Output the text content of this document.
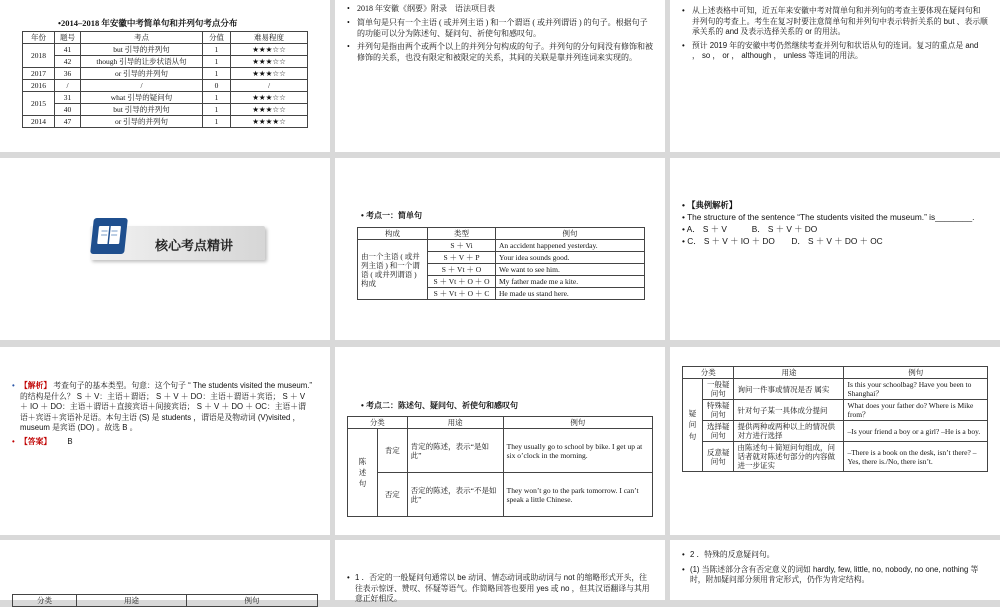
•2014–2018 年安徽中考简单句和并列句考点分布
年份	题号	考点	分值	难易程度
2018	41	but 引导的并列句	1	★★★☆☆
	42	though 引导的让步状语从句	1	★★★☆☆
2017	36	or 引导的并列句	1	★★★☆☆
2016	/	/	0	/
2015	31	what 引导的疑问句	1	★★★☆☆
	40	but 引导的并列句	1	★★★☆☆
2014	47	or 引导的并列句	1	★★★★☆
• 2018 年安徽《纲要》附录　语法项目表
• 简单句是只有一个主语 ( 或并列主语 ) 和一个谓语 ( 或并列谓语 ) 的句子。根据句子的功能可以分为陈述句、疑问句、祈使句和感叹句。
• 并列句是指由两个或两个以上的并列分句构成的句子。并列句的分句间没有修饰和被修饰的关系，也没有限定和被限定的关系，其间的关联是靠并列连词来实现的。
• 从上述表格中可知，近五年来安徽中考对简单句和并列句的考查主要体现在疑问句和并列句的考查上。考生在复习时要注意简单句和并列句中表示转折关系的 but 、表示顺承关系的 and 及表示选择关系的 or 的用法。
• 预计 2019 年的安徽中考仍然继续考查并列句和状语从句的连词。复习的重点是 and ， so ， or ， although ， unless 等连词的用法。
核心考点精讲
• 考点一：简单句
构成	类型	例句
由一个主语 ( 或并列主语 ) 和一个谓语 ( 或并列谓语 ) 构成	S ＋ Vi	An accident happened yesterday.
	S ＋ V ＋ P	Your idea sounds good.
	S ＋ Vt ＋ O	We want to see him.
	S ＋ Vt ＋ O ＋ O	My father made me a kite.
	S ＋ Vt ＋ O ＋ C	He made us stand here.
• 【典例解析】
• The structure of the sentence “The students visited the museum.” is________.
• A． S ＋ V　　　B． S ＋ V ＋ DO
• C． S ＋ V ＋ IO ＋ DO　　D． S ＋ V ＋ DO ＋ OC
• 【解析】 考查句子的基本类型。句意：这个句子 “ The students visited the museum.” 的结构是什么？ S ＋ V：主语＋谓语； S ＋ V ＋ DO：主语＋谓语＋宾语； S ＋ V ＋ IO ＋ DO：主语＋谓语＋直接宾语＋间接宾语； S ＋ V ＋ DO ＋ OC：主语＋谓语＋宾语＋宾语补足语。本句主语 (S) 是 students ，谓语是及物动词 (V)visited ， museum 是宾语 (DO) 。故选 B 。
• 【答案】 B
• 考点二：陈述句、疑问句、祈使句和感叹句
分类		用途	例句
陈述句	肯定	肯定的陈述，表示“是如此”	They usually go to school by bike. I get up at six o’clock in the morning.
	否定	否定的陈述，表示“不是如此”	They won’t go to the park tomorrow. I can’t speak a little Chinese.
分类		用途	例句
疑问句	一般疑问句	询问一件事或情况是否 属实	Is this your schoolbag? Have you been to Shanghai？
	特殊疑问句	针对句子某一具体成分提问	What does your father do? Where is Mike from？
	选择疑问句	提供两种或两种以上的情况供对方进行选择	–Is your friend a boy or a girl? –He is a boy.
	反意疑问句	由陈述句＋简短问句组成，问话者就对陈述句部分的内容做进一步证实	–There is a book on the desk, isn’t there? –Yes, there is./No, there isn’t.
分类	用途	例句
• 1 ．否定的一般疑问句通常以 be 动词、情态动词或助动词与 not 的缩略形式开头，往往表示惊讶、赞叹、怀疑等语气。作简略回答也要用 yes 或 no ，但其汉语翻译与其用意正好相反。
• 2 ．特殊的反意疑问句。
• (1) 当陈述部分含有否定意义的词如 hardly, few, little, no, nobody, no one, nothing 等时，附加疑问部分须用肯定形式，仍作为肯定结构。
